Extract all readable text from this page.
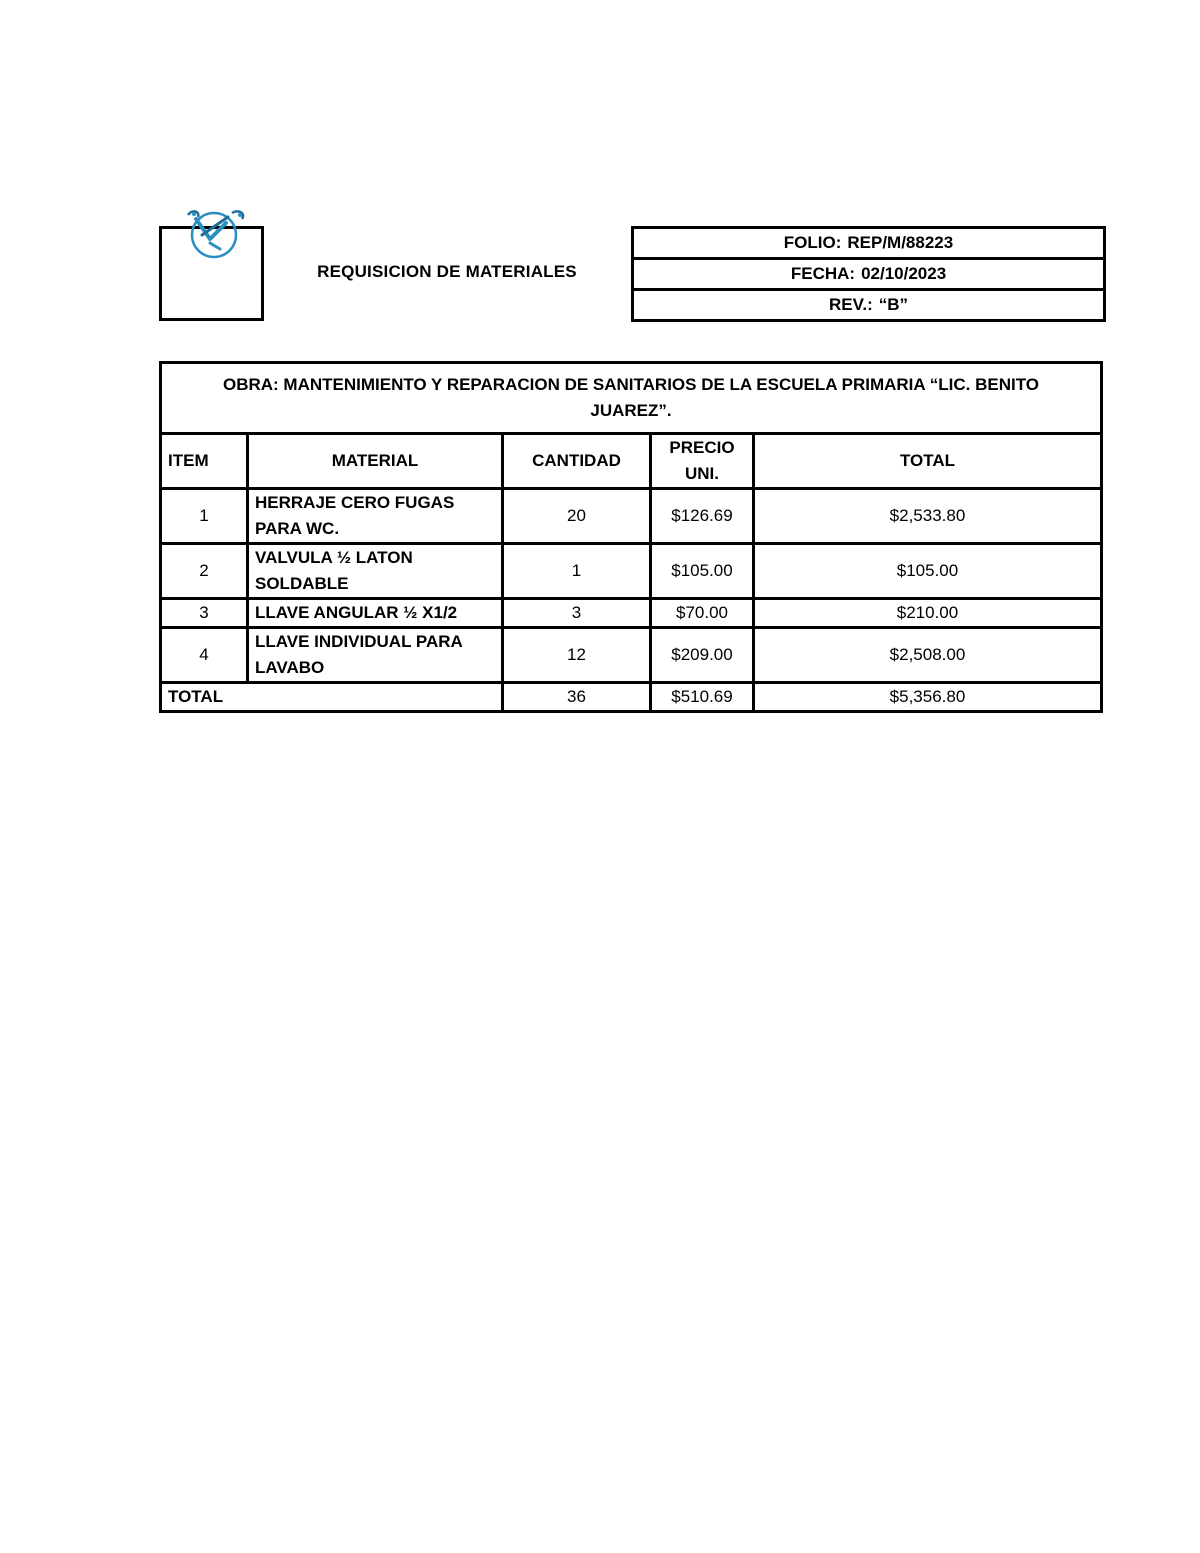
REQUISICION DE MATERIALES
FOLIO: REP/M/88223
FECHA: 02/10/2023
REV.: “B”
OBRA: MANTENIMIENTO Y REPARACION DE SANITARIOS DE LA ESCUELA PRIMARIA “LIC. BENITO JUAREZ”.				
ITEM	MATERIAL	CANTIDAD	PRECIO UNI.	TOTAL
1	HERRAJE CERO FUGAS PARA WC.	20	$126.69	$2,533.80
2	VALVULA ½ LATON SOLDABLE	1	$105.00	$105.00
3	LLAVE ANGULAR ½ X1/2	3	$70.00	$210.00
4	LLAVE INDIVIDUAL PARA LAVABO	12	$209.00	$2,508.00
TOTAL		36	$510.69	$5,356.80
